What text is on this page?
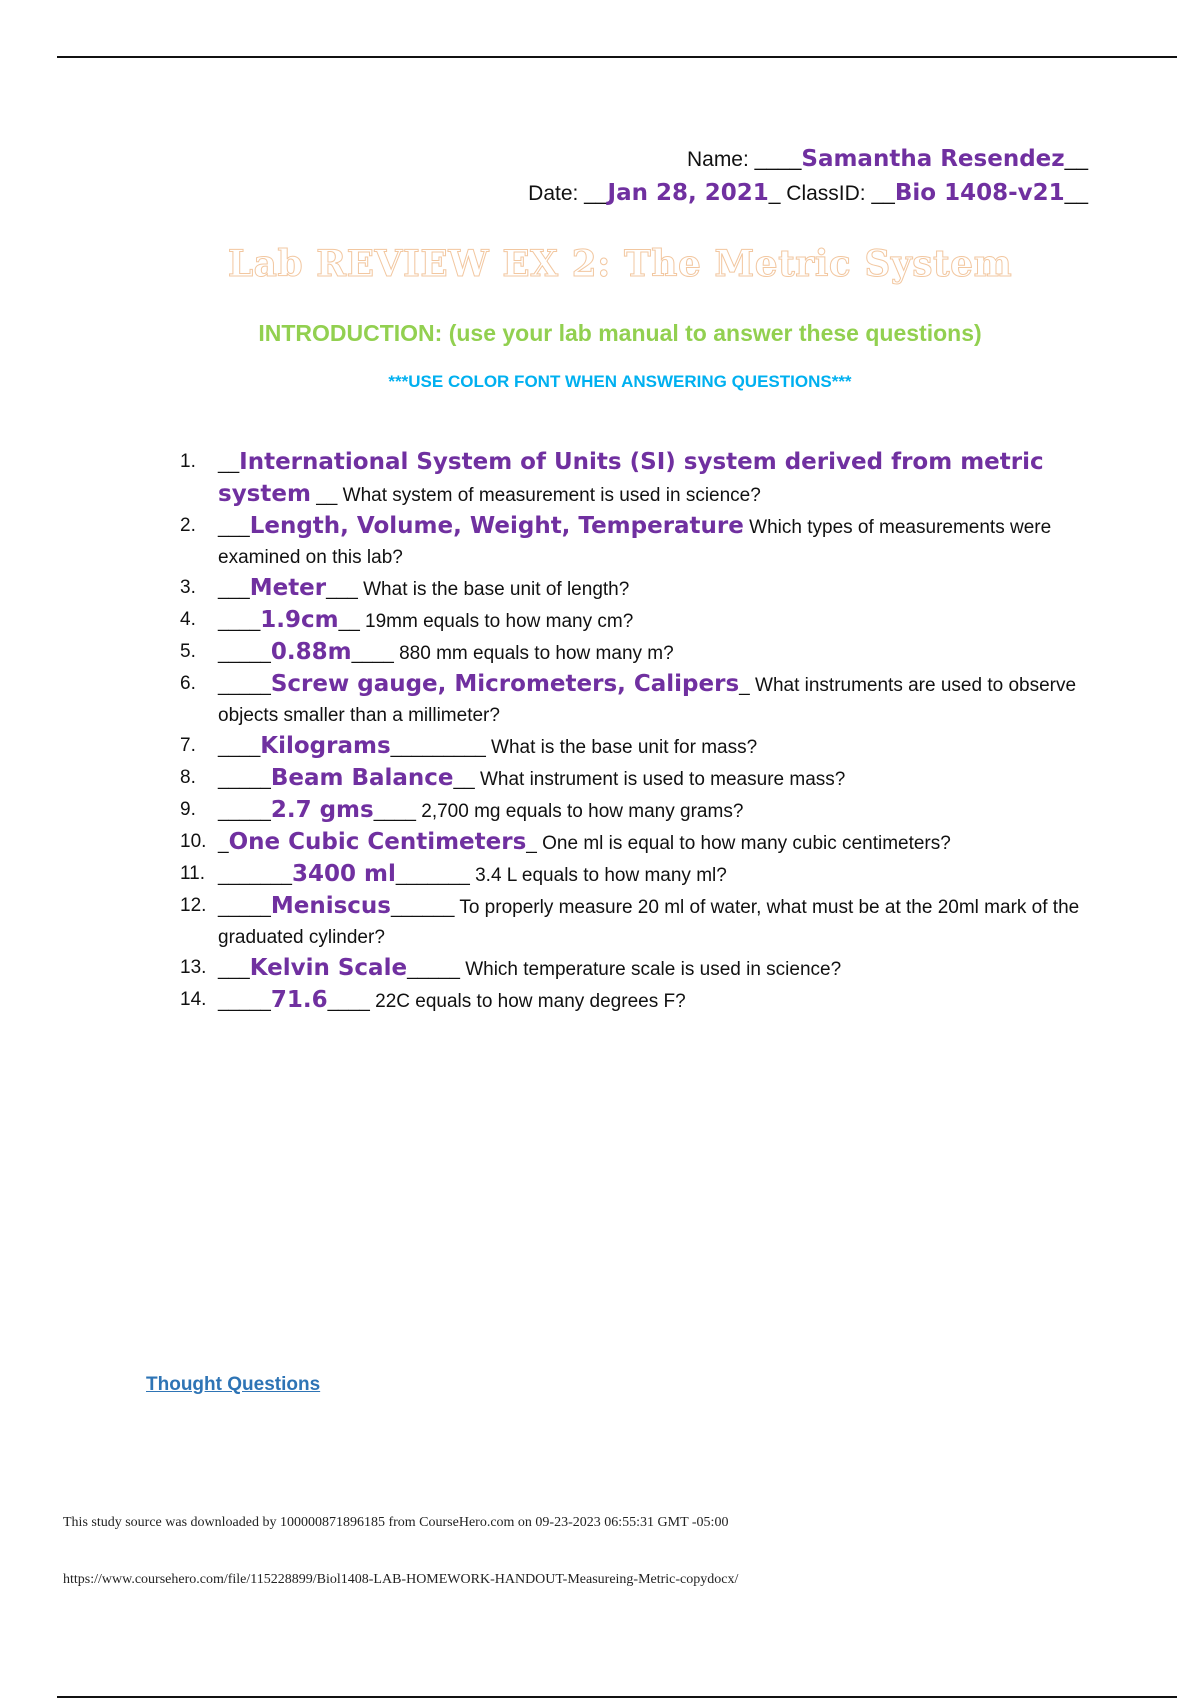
Name: ____Samantha Resendez__
Date: __Jan 28, 2021_ ClassID: __Bio 1408-v21__
Lab REVIEW EX 2: The Metric System
INTRODUCTION: (use your lab manual to answer these questions)
***USE COLOR FONT WHEN ANSWERING QUESTIONS***
1.	__International System of Units (SI) system derived from metric system __ What system of measurement is used in science?
2.	___Length, Volume, Weight, Temperature Which types of measurements were examined on this lab?
3.	___Meter___ What is the base unit of length?
4.	____1.9cm__ 19mm equals to how many cm?
5.	_____0.88m____ 880 mm equals to how many m?
6.	_____Screw gauge, Micrometers, Calipers_ What instruments are used to observe objects smaller than a millimeter?
7.	____Kilograms_________ What is the base unit for mass?
8.	_____Beam Balance__ What instrument is used to measure mass?
9.	_____2.7 gms____ 2,700 mg equals to how many grams?
10. _One Cubic Centimeters_ One ml is equal to how many cubic centimeters?
11. _______3400 ml_______ 3.4 L equals to how many ml?
12. _____Meniscus______ To properly measure 20 ml of water, what must be at the 20ml mark of the graduated cylinder?
13. ___Kelvin Scale_____ Which temperature scale is used in science?
14. _____71.6____ 22C equals to how many degrees F?
Thought Questions
This study source was downloaded by 100000871896185 from CourseHero.com on 09-23-2023 06:55:31 GMT -05:00
https://www.coursehero.com/file/115228899/Biol1408-LAB-HOMEWORK-HANDOUT-Measureing-Metric-copydocx/
